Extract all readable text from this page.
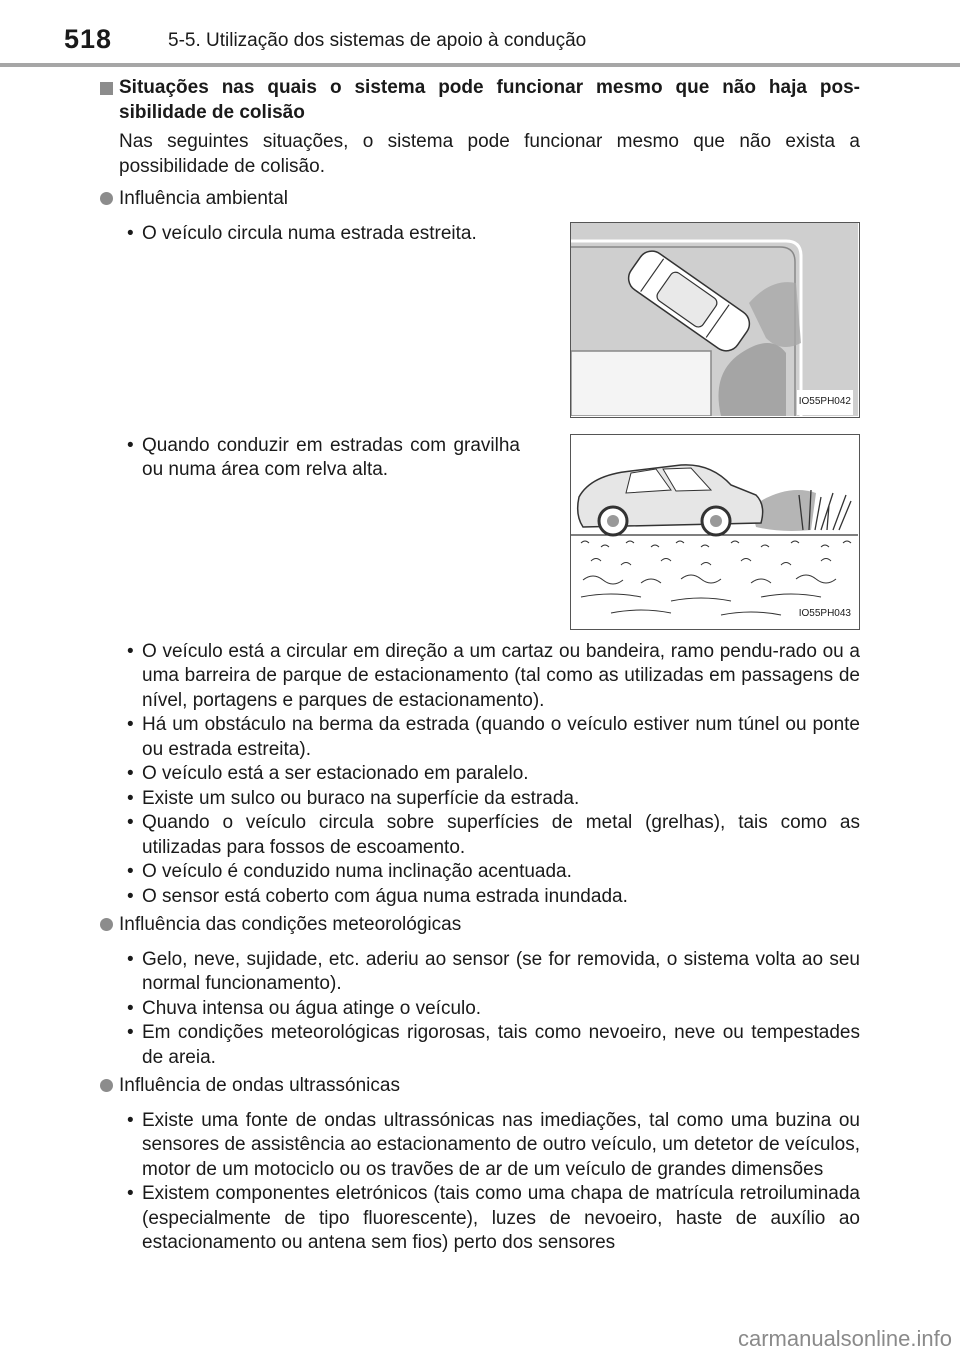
518	5-5. Utilização dos sistemas de apoio à condução
Situações nas quais o sistema pode funcionar mesmo que não haja pos-sibilidade de colisão
Nas seguintes situações, o sistema pode funcionar mesmo que não exista a possibilidade de colisão.
Influência ambiental
• O veículo circula numa estrada estreita.
IO55PH042
• Quando conduzir em estradas com gravilha ou numa área com relva alta.
IO55PH043
• O veículo está a circular em direção a um cartaz ou bandeira, ramo pendu-rado ou a uma barreira de parque de estacionamento (tal como as utilizadas em passagens de nível, portagens e parques de estacionamento).
• Há um obstáculo na berma da estrada (quando o veículo estiver num túnel ou ponte ou estrada estreita).
• O veículo está a ser estacionado em paralelo.
• Existe um sulco ou buraco na superfície da estrada.
• Quando o veículo circula sobre superfícies de metal (grelhas), tais como as utilizadas para fossos de escoamento.
• O veículo é conduzido numa inclinação acentuada.
• O sensor está coberto com água numa estrada inundada.
Influência das condições meteorológicas
• Gelo, neve, sujidade, etc. aderiu ao sensor (se for removida, o sistema volta ao seu normal funcionamento).
• Chuva intensa ou água atinge o veículo.
• Em condições meteorológicas rigorosas, tais como nevoeiro, neve ou tempestades de areia.
Influência de ondas ultrassónicas
• Existe uma fonte de ondas ultrassónicas nas imediações, tal como uma buzina ou sensores de assistência ao estacionamento de outro veículo, um detetor de veículos, motor de um motociclo ou os travões de ar de um veículo de grandes dimensões
• Existem componentes eletrónicos (tais como uma chapa de matrícula retroiluminada (especialmente de tipo fluorescente), luzes de nevoeiro, haste de auxílio ao estacionamento ou antena sem fios) perto dos sensores
carmanualsonline.info
